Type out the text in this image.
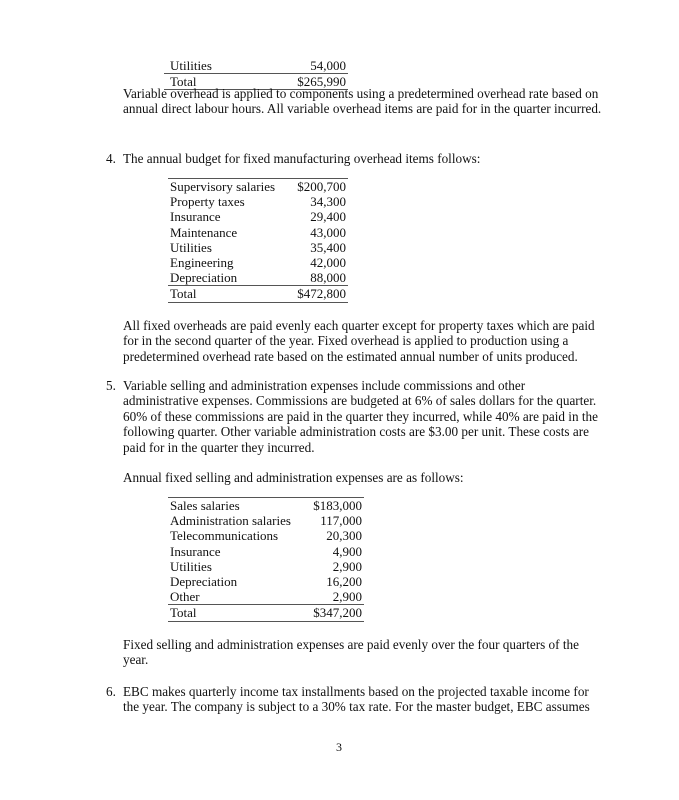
Utilities	54,000
Total	$265,990

Variable overhead is applied to components using a predetermined overhead rate based on annual direct labour hours. All variable overhead items are paid for in the quarter incurred.

4. The annual budget for fixed manufacturing overhead items follows:

Supervisory salaries	$200,700
Property taxes	34,300
Insurance	29,400
Maintenance	43,000
Utilities	35,400
Engineering	42,000
Depreciation	88,000
Total	$472,800

All fixed overheads are paid evenly each quarter except for property taxes which are paid for in the second quarter of the year. Fixed overhead is applied to production using a predetermined overhead rate based on the estimated annual number of units produced.

5. Variable selling and administration expenses include commissions and other administrative expenses. Commissions are budgeted at 6% of sales dollars for the quarter. 60% of these commissions are paid in the quarter they incurred, while 40% are paid in the following quarter. Other variable administration costs are $3.00 per unit. These costs are paid for in the quarter they incurred.

Annual fixed selling and administration expenses are as follows:

Sales salaries	$183,000
Administration salaries	117,000
Telecommunications	20,300
Insurance	4,900
Utilities	2,900
Depreciation	16,200
Other	2,900
Total	$347,200

Fixed selling and administration expenses are paid evenly over the four quarters of the year.

6. EBC makes quarterly income tax installments based on the projected taxable income for the year. The company is subject to a 30% tax rate. For the master budget, EBC assumes

3
